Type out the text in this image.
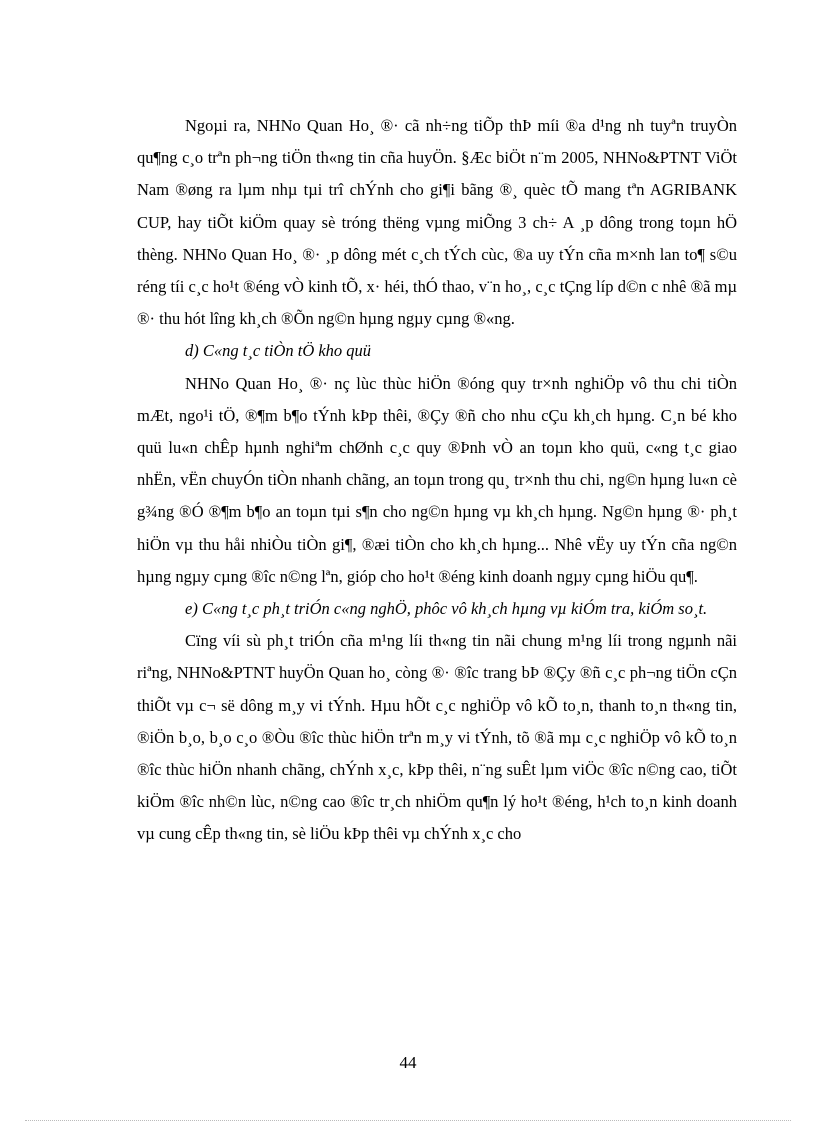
Ngoµi ra, NHNo Quan Ho¸ ®· cã nh÷ng tiÕp thÞ míi ®a d¹ng nh tuyªn truyÒn qu¶ng c¸o trªn ph¬ng tiÖn th«ng tin cña huyÖn. §Æc biÖt n¨m 2005, NHNo&PTNT ViÖt Nam ®øng ra lµm nhµ tµi trî chÝnh cho gi¶i bãng ®¸ quèc tÕ mang tªn AGRIBANK CUP, hay tiÕt kiÖm quay sè tróng thëng vµng miÕng 3 ch÷ A ¸p dông trong toµn hÖ thèng. NHNo Quan Ho¸ ®· ¸p dông mét c¸ch tÝch cùc, ®a uy tÝn cña m×nh lan to¶ s©u réng tíi c¸c ho¹t ®éng vÒ kinh tÕ, x· héi, thÓ thao, v¨n ho¸, c¸c tÇng líp d©n c nhê ®ã mµ ®· thu hót lîng kh¸ch ®Õn ng©n hµng ngµy cµng ®«ng.

d) C«ng t¸c tiÒn tÖ kho quü

NHNo Quan Ho¸ ®· nç lùc thùc hiÖn ®óng quy tr×nh nghiÖp vô thu chi tiÒn mÆt, ngo¹i tÖ, ®¶m b¶o tÝnh kÞp thêi, ®Çy ®ñ cho nhu cÇu kh¸ch hµng. C¸n bé kho quü lu«n chÊp hµnh nghiªm chØnh c¸c quy ®Þnh vÒ an toµn kho quü, c«ng t¸c giao nhËn, vËn chuyÓn tiÒn nhanh chãng, an toµn trong qu¸ tr×nh thu chi, ng©n hµng lu«n cè g¾ng ®Ó ®¶m b¶o an toµn tµi s¶n cho ng©n hµng vµ kh¸ch hµng. Ng©n hµng ®· ph¸t hiÖn vµ thu håi nhiÒu tiÒn gi¶, ®æi tiÒn cho kh¸ch hµng... Nhê vËy uy tÝn cña ng©n hµng ngµy cµng ®îc n©ng lªn, gióp cho ho¹t ®éng kinh doanh ngµy cµng hiÖu qu¶.

e) C«ng t¸c ph¸t triÓn c«ng nghÖ, phôc vô kh¸ch hµng vµ kiÓm tra, kiÓm so¸t.

Cïng víi sù ph¸t triÓn cña m¹ng líi th«ng tin nãi chung m¹ng líi trong ngµnh nãi riªng, NHNo&PTNT huyÖn Quan ho¸ còng ®· ®îc trang bÞ ®Çy ®ñ c¸c ph¬ng tiÖn cÇn thiÕt vµ c¬ së dông m¸y vi tÝnh. Hµu hÕt c¸c nghiÖp vô kÕ to¸n, thanh to¸n th«ng tin, ®iÖn b¸o, b¸o c¸o ®Òu ®îc thùc hiÖn trªn m¸y vi tÝnh, tõ ®ã mµ c¸c nghiÖp vô kÕ to¸n ®îc thùc hiÖn nhanh chãng, chÝnh x¸c, kÞp thêi, n¨ng suÊt lµm viÖc ®îc n©ng cao, tiÕt kiÖm ®îc nh©n lùc, n©ng cao ®îc tr¸ch nhiÖm qu¶n lý ho¹t ®éng, h¹ch to¸n kinh doanh vµ cung cÊp th«ng tin, sè liÖu kÞp thêi vµ chÝnh x¸c cho

44
